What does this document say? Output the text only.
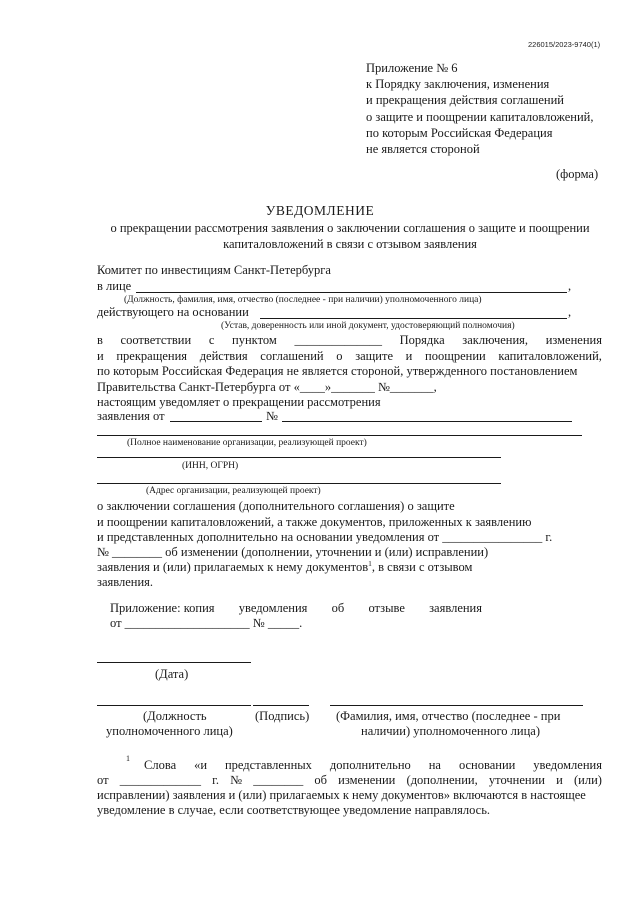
226015/2023-9740(1)
Приложение № 6
к Порядку заключения, изменения
и прекращения действия соглашений
о защите и поощрении капиталовложений,
по которым Российская Федерация
не является стороной
(форма)
УВЕДОМЛЕНИЕ
о прекращении рассмотрения заявления о заключении соглашения о защите и поощрении
капиталовложений в связи с отзывом заявления
Комитет по инвестициям Санкт-Петербурга
в лице	,
(Должность, фамилия, имя, отчество (последнее - при наличии) уполномоченного лица)
действующего на основании	,
(Устав, доверенность или иной документ, удостоверяющий полномочия)
в соответствии с пунктом ______________ Порядка заключения, изменения
и прекращения действия соглашений о защите и поощрении капиталовложений,
по которым Российская Федерация не является стороной, утвержденного постановлением
Правительства Санкт-Петербурга от «____»_______ №_______,
настоящим уведомляет о прекращении рассмотрения
заявления от	№
(Полное наименование организации, реализующей проект)
(ИНН, ОГРН)
(Адрес организации, реализующей проект)
о заключении соглашения (дополнительного соглашения) о защите
и поощрении капиталовложений, а также документов, приложенных к заявлению
и представленных дополнительно на основании уведомления от ________________ г.
№ ________ об изменении (дополнении, уточнении и (или) исправлении)
заявления и (или) прилагаемых к нему документов$^1$, в связи с отзывом
заявления.
Приложение: копия уведомления об отзыве заявления
от ____________________ № _____.
(Дата)
(Должность
уполномоченного лица)
(Подпись) (Фамилия, имя, отчество (последнее - при
наличии) уполномоченного лица)
1 Слова «и представленных дополнительно на основании уведомления
от _____________ г. № ________ об изменении (дополнении, уточнении и (или)
исправлении) заявления и (или) прилагаемых к нему документов» включаются в настоящее
уведомление в случае, если соответствующее уведомление направлялось.
